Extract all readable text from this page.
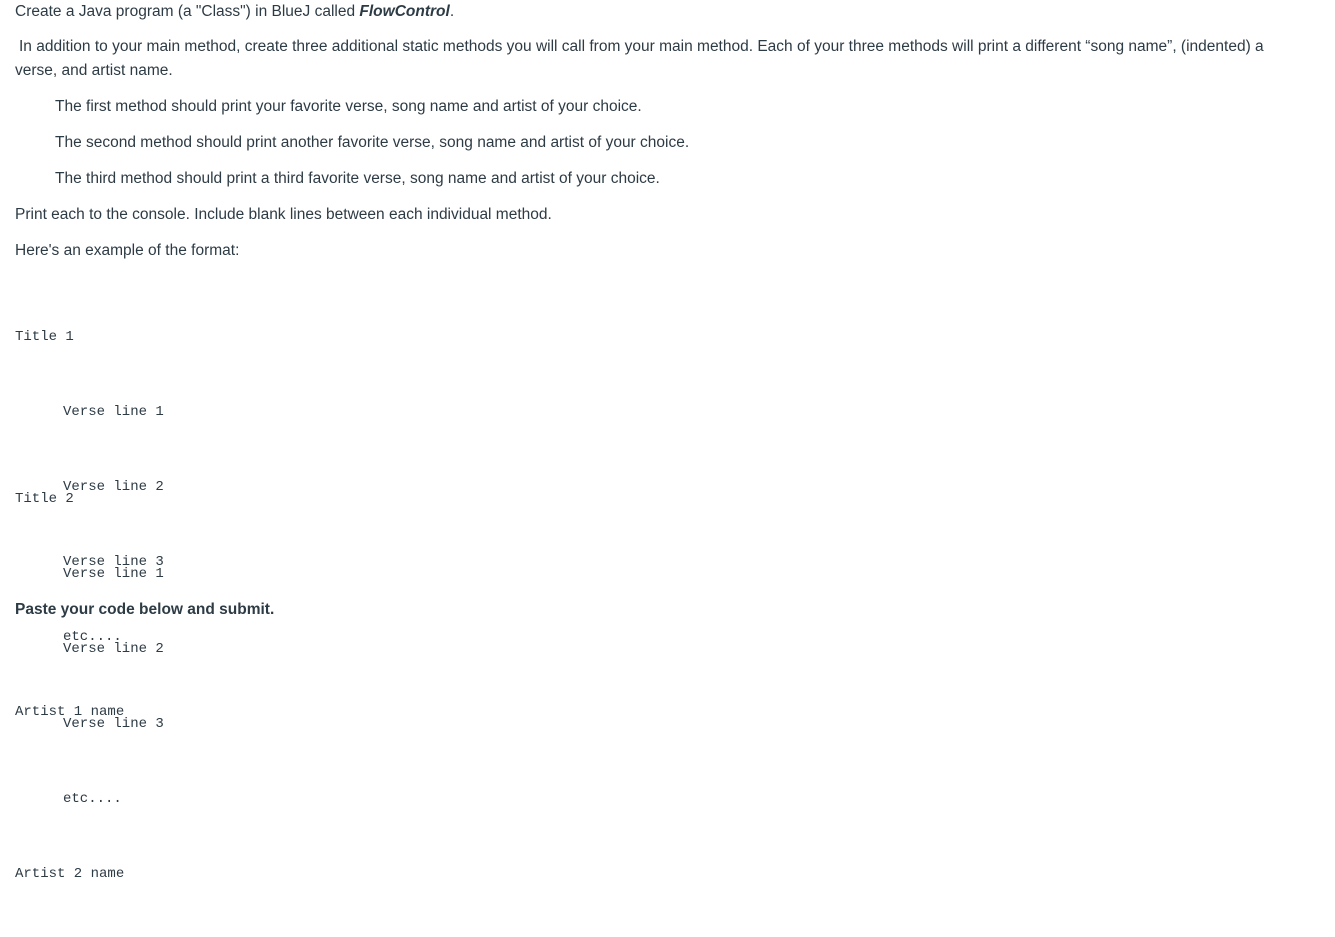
Create a Java program (a "Class") in BlueJ called FlowControl.

In addition to your main method, create three additional static methods you will call from your main method. Each of your three methods will print a different “song name”, (indented) a
verse, and artist name.

The first method should print your favorite verse, song name and artist of your choice.

The second method should print another favorite verse, song name and artist of your choice.

The third method should print a third favorite verse, song name and artist of your choice.

Print each to the console. Include blank lines between each individual method.

Here's an example of the format:

Title 1

Verse line 1

Verse line 2

Verse line 3

etc....

Artist 1 name

Title 2

Verse line 1

Verse line 2

Verse line 3

etc....

Artist 2 name

Paste your code below and submit.
